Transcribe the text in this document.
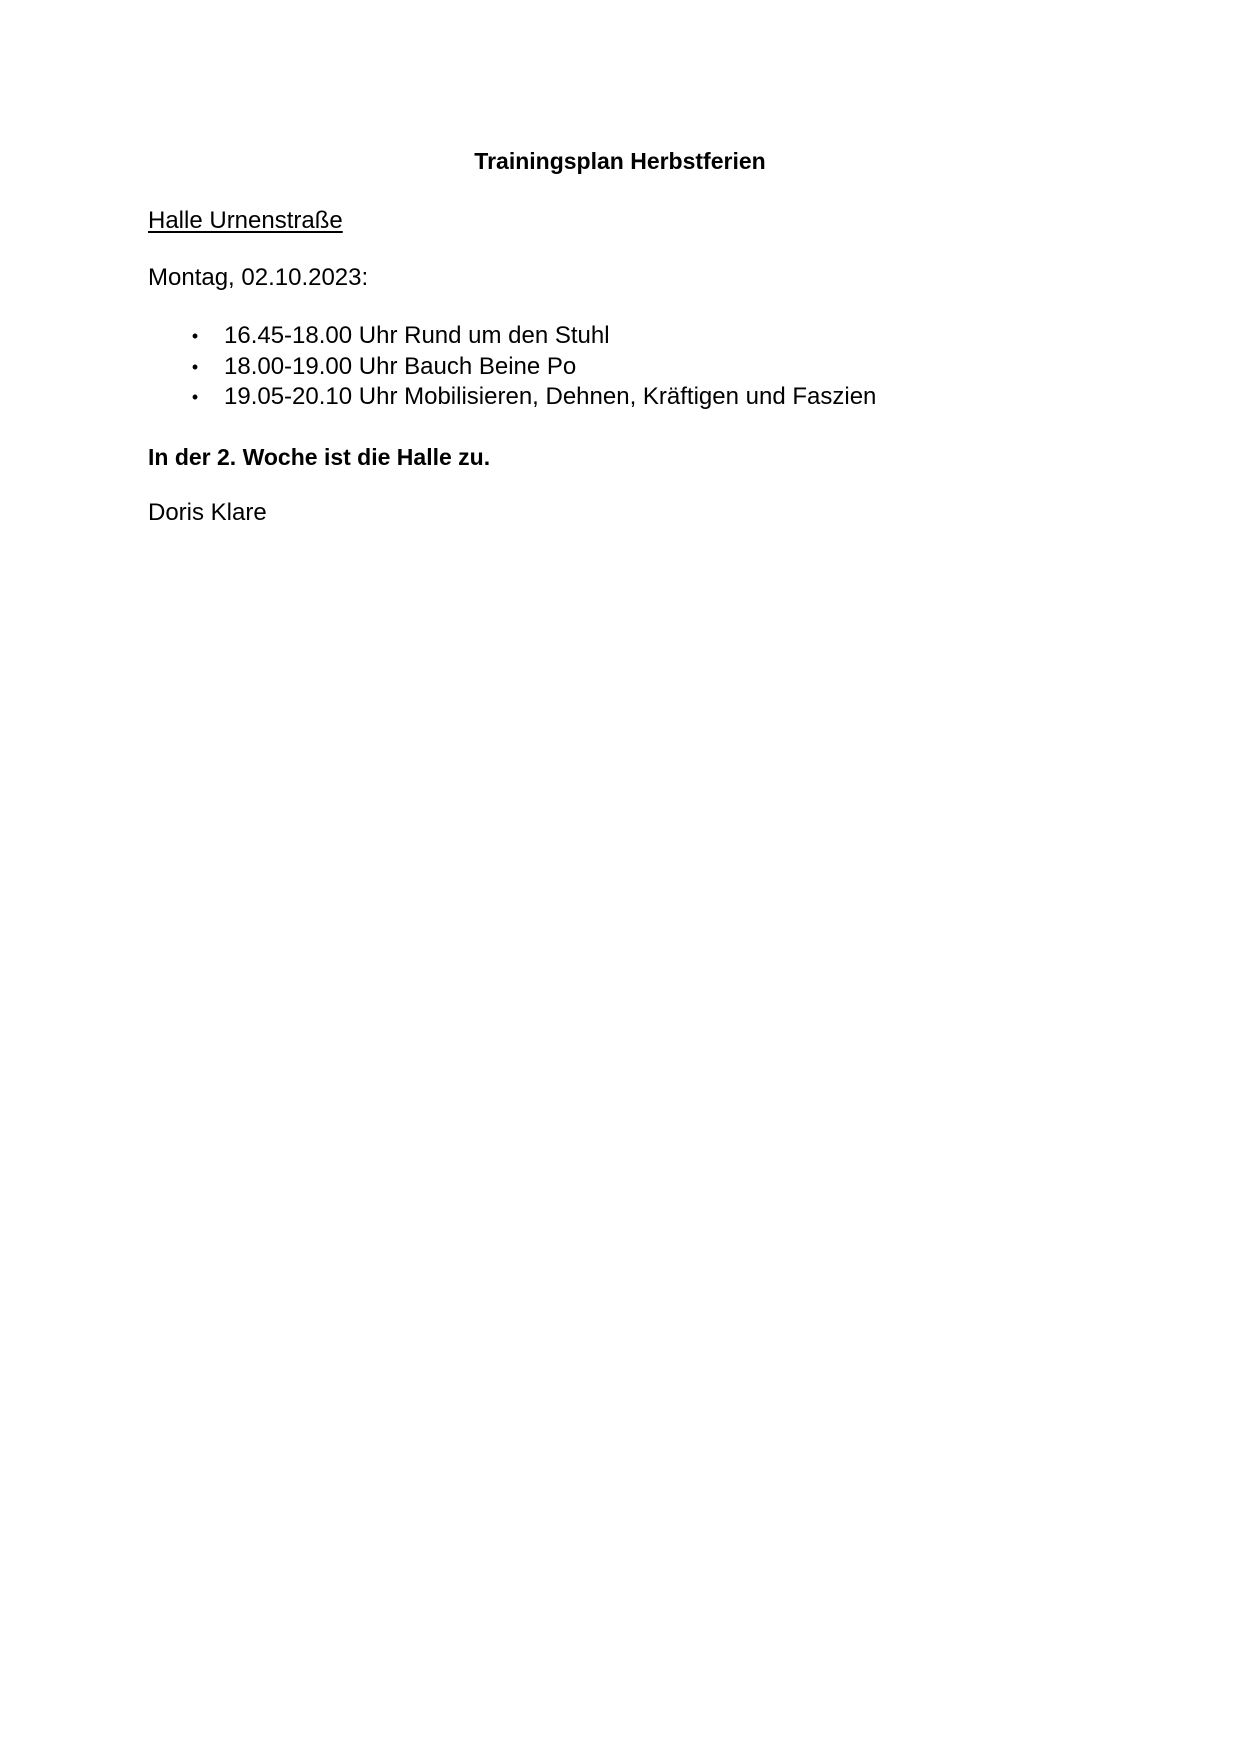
Trainingsplan Herbstferien
Halle Urnenstraße
Montag, 02.10.2023:
• 16.45-18.00 Uhr Rund um den Stuhl
• 18.00-19.00 Uhr Bauch Beine Po
• 19.05-20.10 Uhr Mobilisieren, Dehnen, Kräftigen und Faszien
In der 2. Woche ist die Halle zu.
Doris Klare
